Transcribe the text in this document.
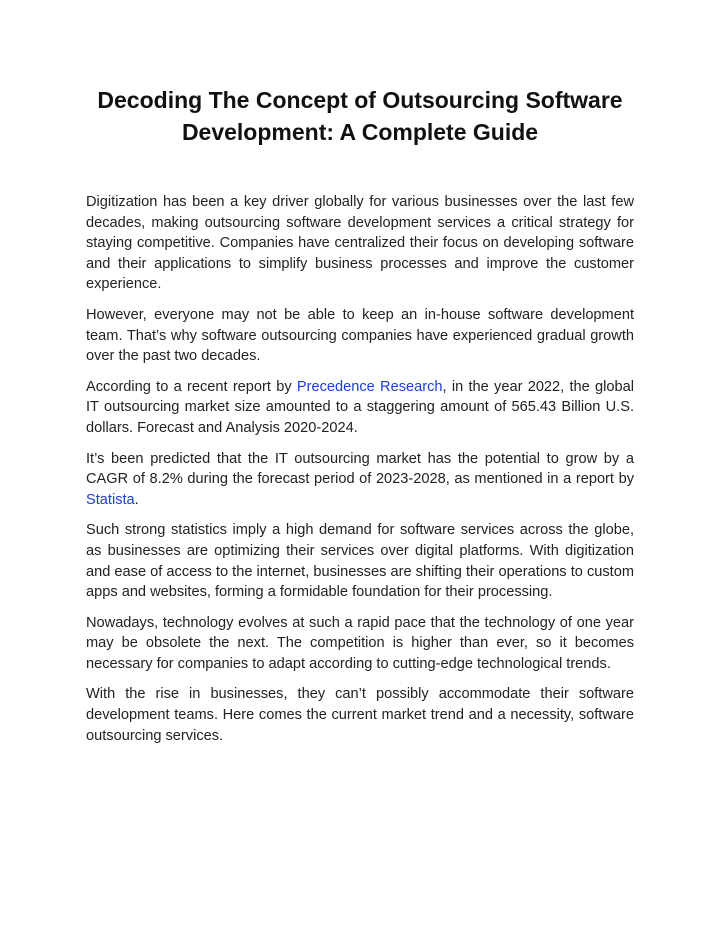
Decoding The Concept of Outsourcing Software Development: A Complete Guide

Digitization has been a key driver globally for various businesses over the last few decades, making outsourcing software development services a critical strategy for staying competitive. Companies have centralized their focus on developing software and their applications to simplify business processes and improve the customer experience.

However, everyone may not be able to keep an in-house software development team. That’s why software outsourcing companies have experienced gradual growth over the past two decades.

According to a recent report by Precedence Research, in the year 2022, the global IT outsourcing market size amounted to a staggering amount of 565.43 Billion U.S. dollars. Forecast and Analysis 2020-2024.

It’s been predicted that the IT outsourcing market has the potential to grow by a CAGR of 8.2% during the forecast period of 2023-2028, as mentioned in a report by Statista.

Such strong statistics imply a high demand for software services across the globe, as businesses are optimizing their services over digital platforms. With digitization and ease of access to the internet, businesses are shifting their operations to custom apps and websites, forming a formidable foundation for their processing.

Nowadays, technology evolves at such a rapid pace that the technology of one year may be obsolete the next. The competition is higher than ever, so it becomes necessary for companies to adapt according to cutting-edge technological trends.

With the rise in businesses, they can’t possibly accommodate their software development teams. Here comes the current market trend and a necessity, software outsourcing services.
